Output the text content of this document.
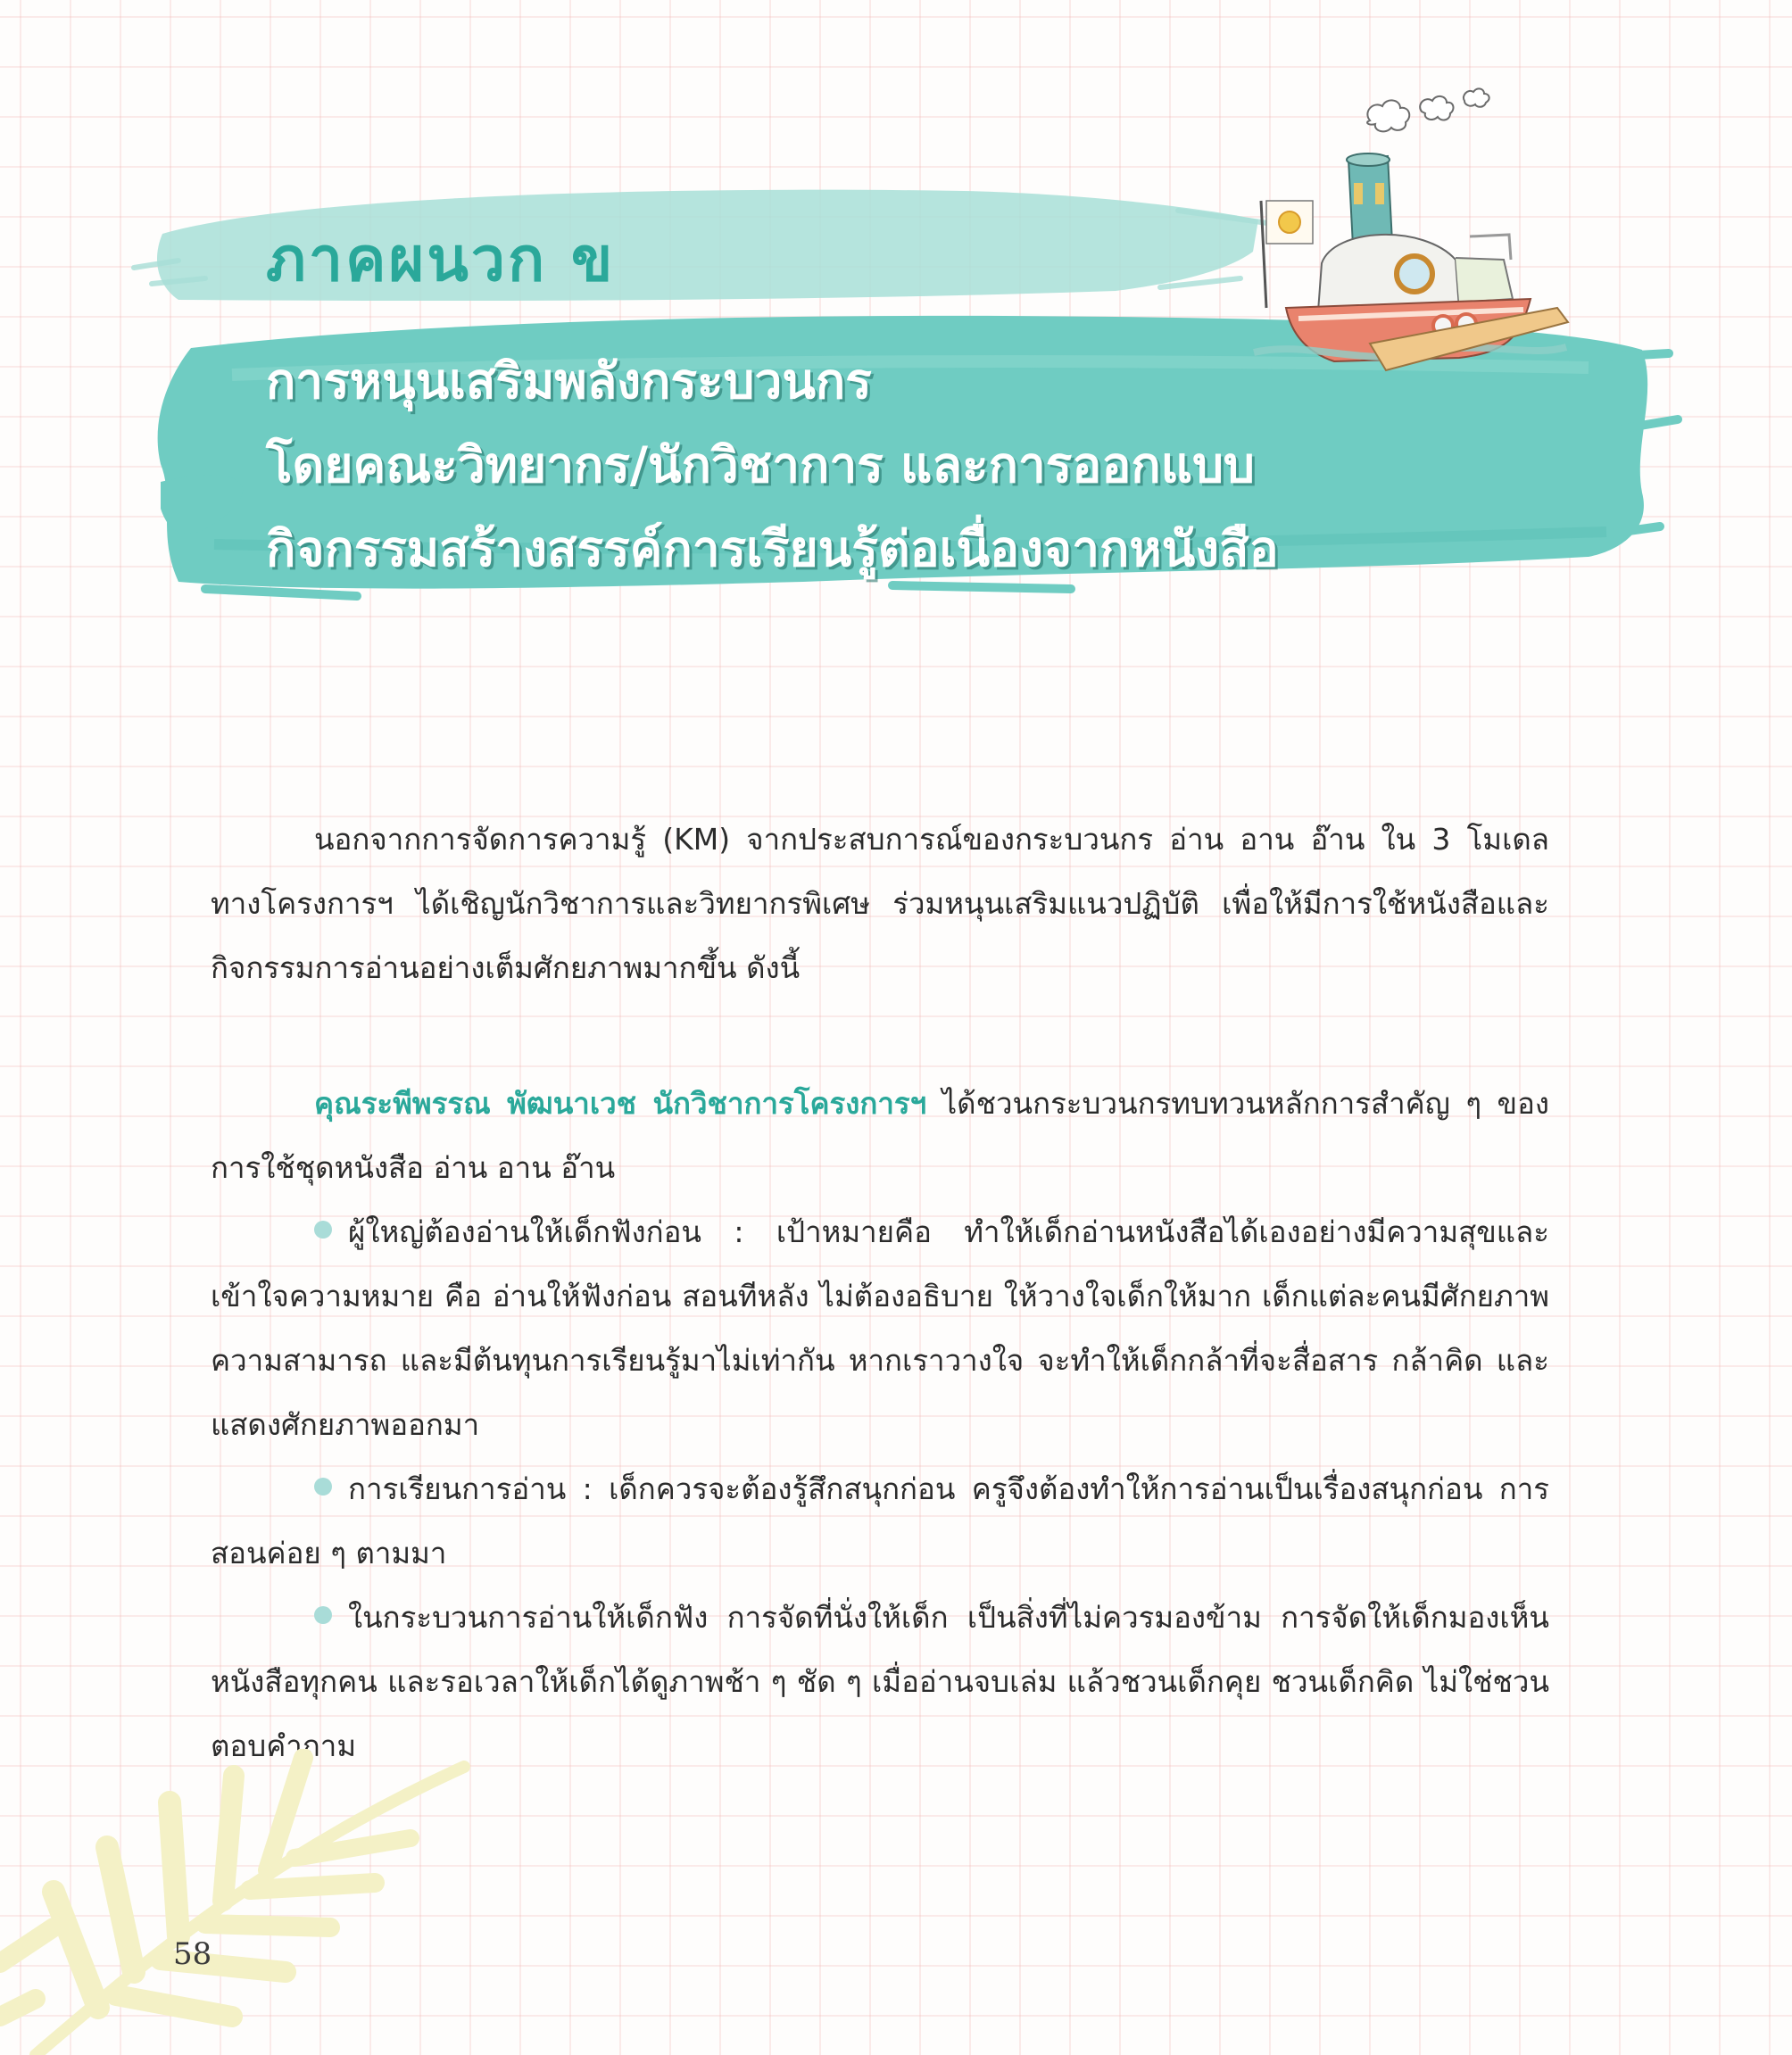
ภาคผนวก ข
การหนุนเสริมพลังกระบวนกร
โดยคณะวิทยากร/นักวิชาการ และการออกแบบ
กิจกรรมสร้างสรรค์การเรียนรู้ต่อเนื่องจากหนังสือ

นอกจากการจัดการความรู้ (KM) จากประสบการณ์ของกระบวนกร อ่าน อาน อ๊าน ใน 3 โมเดล ทางโครงการฯ ได้เชิญนักวิชาการและวิทยากรพิเศษ ร่วมหนุนเสริมแนวปฏิบัติ เพื่อให้มีการใช้หนังสือและกิจกรรมการอ่านอย่างเต็มศักยภาพมากขึ้น ดังนี้

คุณระพีพรรณ พัฒนาเวช นักวิชาการโครงการฯ ได้ชวนกระบวนกรทบทวนหลักการสำคัญ ๆ ของการใช้ชุดหนังสือ อ่าน อาน อ๊าน

ผู้ใหญ่ต้องอ่านให้เด็กฟังก่อน : เป้าหมายคือ ทำให้เด็กอ่านหนังสือได้เองอย่างมีความสุขและเข้าใจความหมาย คือ อ่านให้ฟังก่อน สอนทีหลัง ไม่ต้องอธิบาย ให้วางใจเด็กให้มาก เด็กแต่ละคนมีศักยภาพ ความสามารถ และมีต้นทุนการเรียนรู้มาไม่เท่ากัน หากเราวางใจ จะทำให้เด็กกล้าที่จะสื่อสาร กล้าคิด และแสดงศักยภาพออกมา

การเรียนการอ่าน : เด็กควรจะต้องรู้สึกสนุกก่อน ครูจึงต้องทำให้การอ่านเป็นเรื่องสนุกก่อน การสอนค่อย ๆ ตามมา

ในกระบวนการอ่านให้เด็กฟัง การจัดที่นั่งให้เด็ก เป็นสิ่งที่ไม่ควรมองข้าม การจัดให้เด็กมองเห็นหนังสือทุกคน และรอเวลาให้เด็กได้ดูภาพช้า ๆ ชัด ๆ เมื่ออ่านจบเล่ม แล้วชวนเด็กคุย ชวนเด็กคิด ไม่ใช่ชวนตอบคำถาม

58
